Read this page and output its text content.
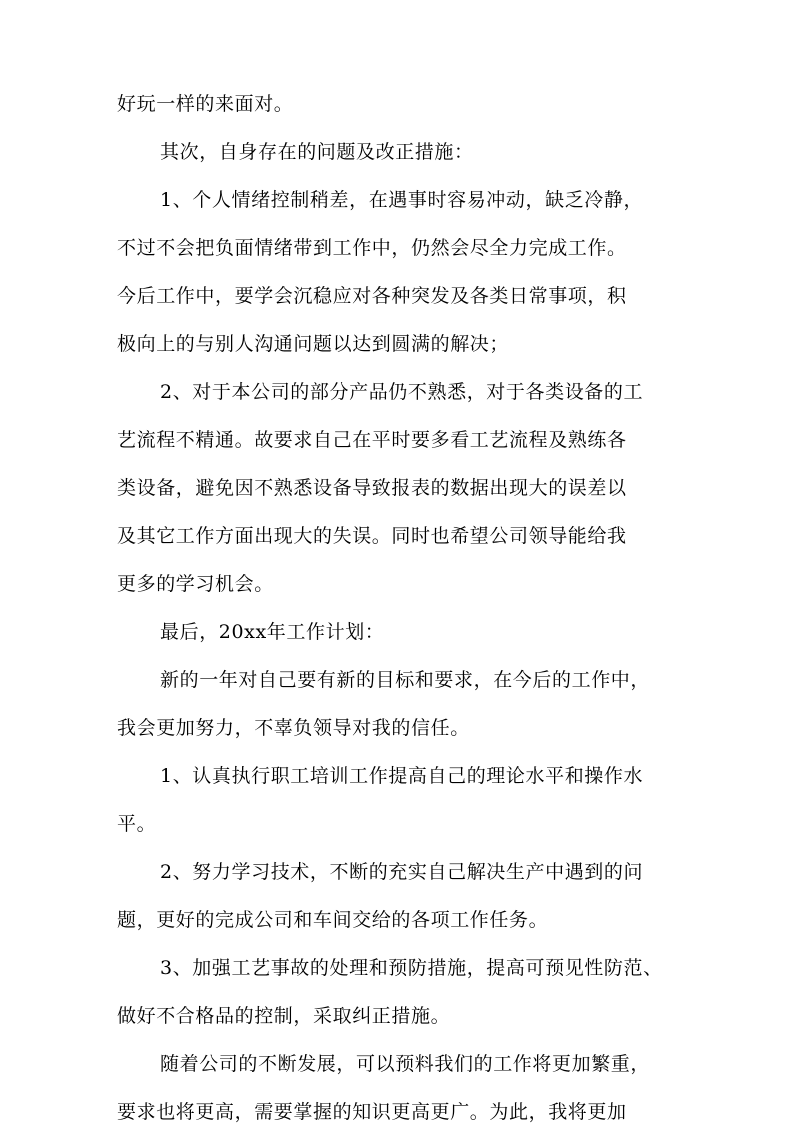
好玩一样的来面对。
其次，自身存在的问题及改正措施：
1、个人情绪控制稍差，在遇事时容易冲动，缺乏冷静，
不过不会把负面情绪带到工作中，仍然会尽全力完成工作。
今后工作中，要学会沉稳应对各种突发及各类日常事项，积
极向上的与别人沟通问题以达到圆满的解决；
2、对于本公司的部分产品仍不熟悉，对于各类设备的工
艺流程不精通。故要求自己在平时要多看工艺流程及熟练各
类设备，避免因不熟悉设备导致报表的数据出现大的误差以
及其它工作方面出现大的失误。同时也希望公司领导能给我
更多的学习机会。
最后，20xx年工作计划：
新的一年对自己要有新的目标和要求，在今后的工作中，
我会更加努力，不辜负领导对我的信任。
1、认真执行职工培训工作提高自己的理论水平和操作水
平。
2、努力学习技术，不断的充实自己解决生产中遇到的问
题，更好的完成公司和车间交给的各项工作任务。
3、加强工艺事故的处理和预防措施，提高可预见性防范、
做好不合格品的控制，采取纠正措施。
随着公司的不断发展，可以预料我们的工作将更加繁重，
要求也将更高，需要掌握的知识更高更广。为此，我将更加
